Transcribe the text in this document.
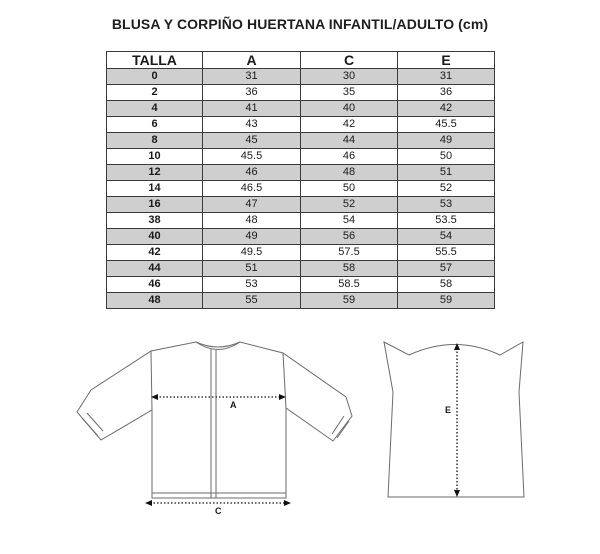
BLUSA Y CORPIÑO HUERTANA INFANTIL/ADULTO (cm)
TALLA	A	C	E
0	31	30	31
2	36	35	36
4	41	40	42
6	43	42	45.5
8	45	44	49
10	45.5	46	50
12	46	48	51
14	46.5	50	52
16	47	52	53
38	48	54	53.5
40	49	56	54
42	49.5	57.5	55.5
44	51	58	57
46	53	58.5	58
48	55	59	59
A
C
E
